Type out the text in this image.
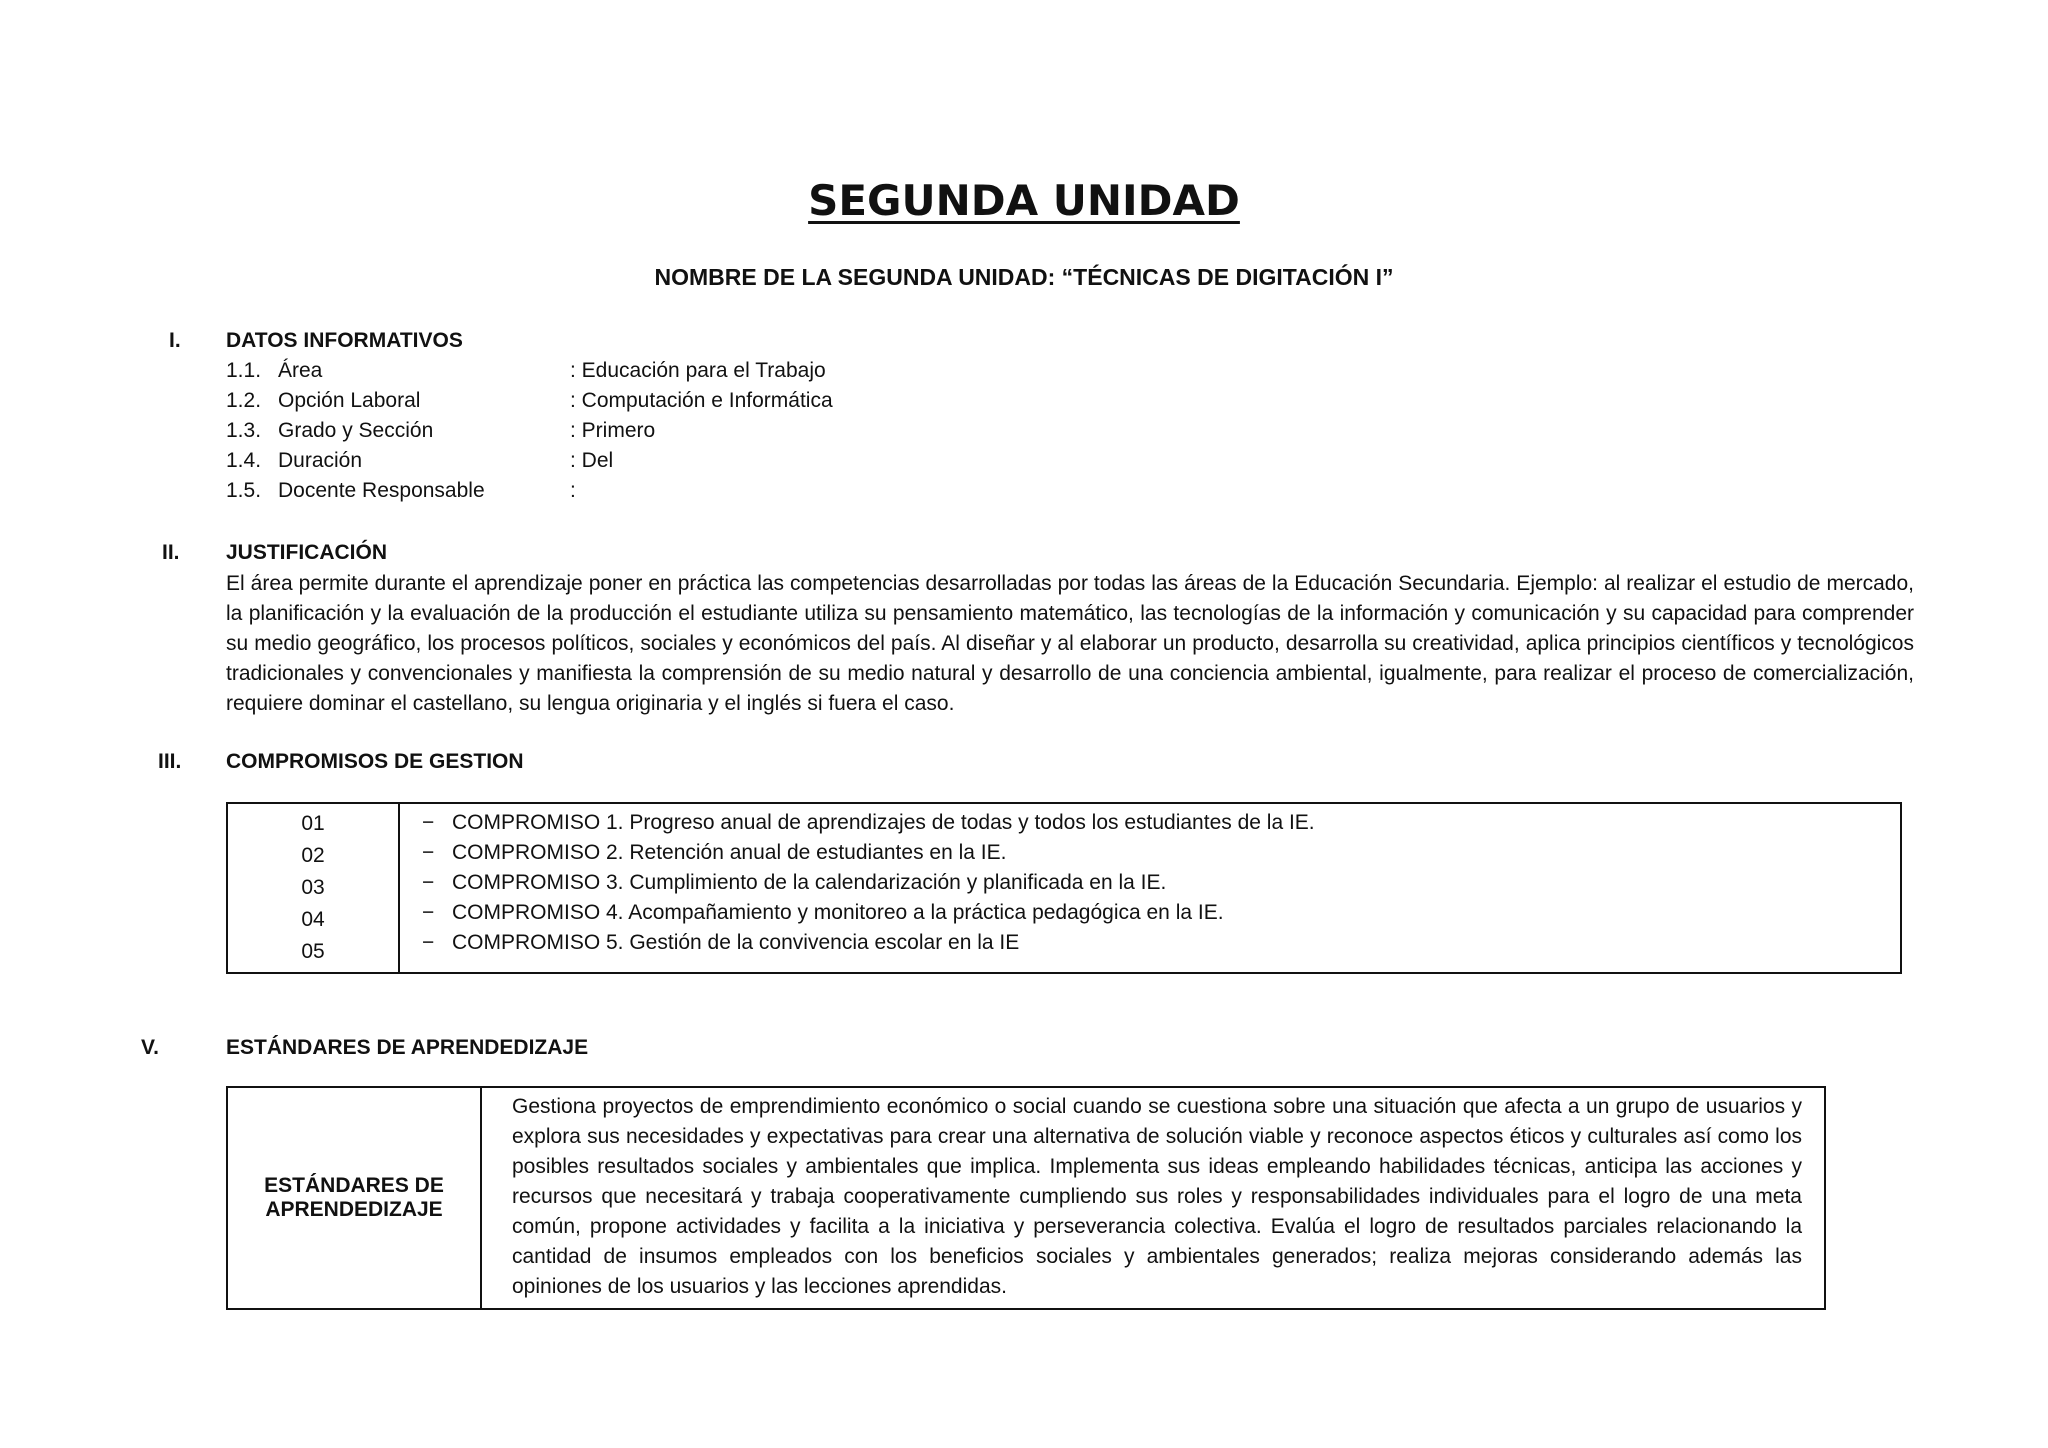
SEGUNDA UNIDAD
NOMBRE DE LA SEGUNDA UNIDAD: “TÉCNICAS DE DIGITACIÓN I”
I. DATOS INFORMATIVOS
1.1. Área	: Educación para el Trabajo
1.2. Opción Laboral	: Computación e Informática
1.3. Grado y Sección	: Primero
1.4. Duración	: Del
1.5. Docente Responsable	:
II. JUSTIFICACIÓN
El área permite durante el aprendizaje poner en práctica las competencias desarrolladas por todas las áreas de la Educación Secundaria. Ejemplo: al realizar el estudio de mercado, la planificación y la evaluación de la producción el estudiante utiliza su pensamiento matemático, las tecnologías de la información y comunicación y su capacidad para comprender su medio geográfico, los procesos políticos, sociales y económicos del país. Al diseñar y al elaborar un producto, desarrolla su creatividad, aplica principios científicos y tecnológicos tradicionales y convencionales y manifiesta la comprensión de su medio natural y desarrollo de una conciencia ambiental, igualmente, para realizar el proceso de comercialización, requiere dominar el castellano, su lengua originaria y el inglés si fuera el caso.
III. COMPROMISOS DE GESTION
01
02
03
04
05

− COMPROMISO 1. Progreso anual de aprendizajes de todas y todos los estudiantes de la IE.
− COMPROMISO 2. Retención anual de estudiantes en la IE.
− COMPROMISO 3. Cumplimiento de la calendarización y planificada en la IE.
− COMPROMISO 4. Acompañamiento y monitoreo a la práctica pedagógica en la IE.
− COMPROMISO 5. Gestión de la convivencia escolar en la IE
V.	ESTÁNDARES DE APRENDEDIZAJE
ESTÁNDARES DE
APRENDEDIZAJE
	Gestiona proyectos de emprendimiento económico o social cuando se cuestiona sobre una situación que afecta a un grupo de usuarios y explora sus necesidades y expectativas para crear una alternativa de solución viable y reconoce aspectos éticos y culturales así como los posibles resultados sociales y ambientales que implica. Implementa sus ideas empleando habilidades técnicas, anticipa las acciones y recursos que necesitará y trabaja cooperativamente cumpliendo sus roles y responsabilidades individuales para el logro de una meta común, propone actividades y facilita a la iniciativa y perseverancia colectiva. Evalúa el logro de resultados parciales relacionando la cantidad de insumos empleados con los beneficios sociales y ambientales generados; realiza mejoras considerando además las opiniones de los usuarios y las lecciones aprendidas.
